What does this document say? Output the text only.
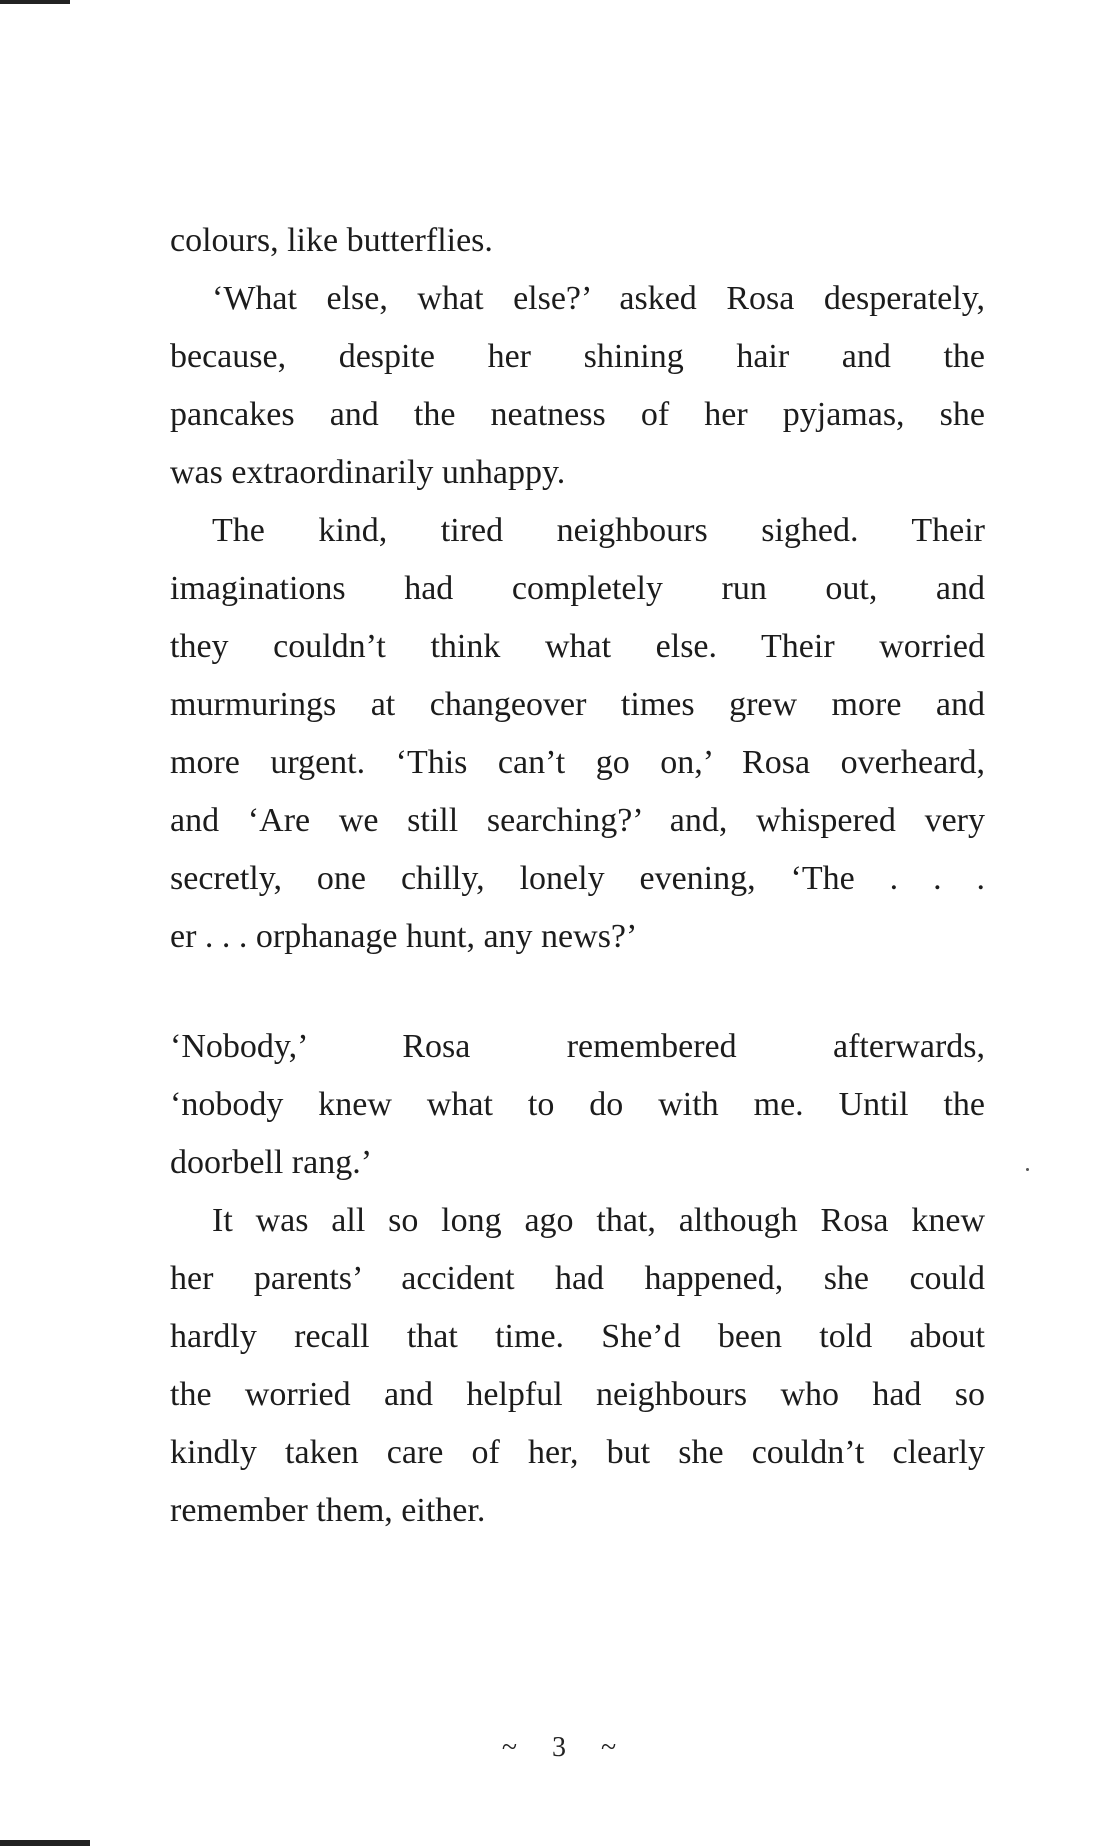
colours, like butterflies.
‘What else, what else?’ asked Rosa desperately,
because, despite her shining hair and the
pancakes and the neatness of her pyjamas, she
was extraordinarily unhappy.
The kind, tired neighbours sighed. Their
imaginations had completely run out, and
they couldn’t think what else. Their worried
murmurings at changeover times grew more and
more urgent. ‘This can’t go on,’ Rosa overheard,
and ‘Are we still searching?’ and, whispered very
secretly, one chilly, lonely evening, ‘The . . .
er . . . orphanage hunt, any news?’
‘Nobody,’ Rosa remembered afterwards,
‘nobody knew what to do with me. Until the
doorbell rang.’
It was all so long ago that, although Rosa knew
her parents’ accident had happened, she could
hardly recall that time. She’d been told about
the worried and helpful neighbours who had so
kindly taken care of her, but she couldn’t clearly
remember them, either.
~ 3 ~
